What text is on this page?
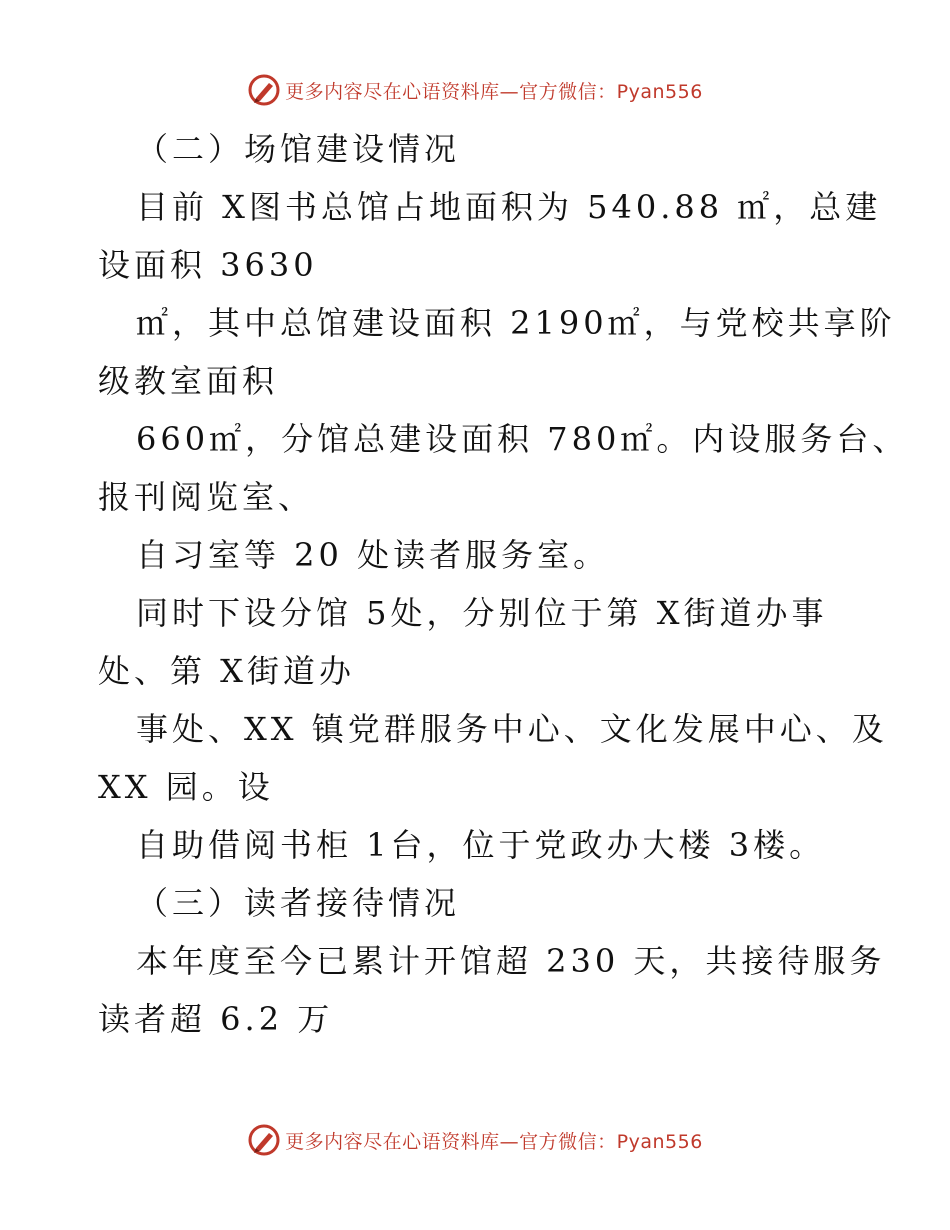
更多内容尽在心语资料库—官方微信：Pyan556

（二）场馆建设情况

目前 X图书总馆占地面积为 540.88 ㎡，总建

设面积 3630

㎡，其中总馆建设面积 2190㎡，与党校共享阶

级教室面积

660㎡，分馆总建设面积 780㎡。内设服务台、

报刊阅览室、

自习室等 20 处读者服务室。

同时下设分馆 5处，分别位于第 X街道办事

处、第 X街道办

事处、XX 镇党群服务中心、文化发展中心、及

XX 园。设

自助借阅书柜 1台，位于党政办大楼 3楼。

（三）读者接待情况

本年度至今已累计开馆超 230 天，共接待服务

读者超 6.2 万

更多内容尽在心语资料库—官方微信：Pyan556
